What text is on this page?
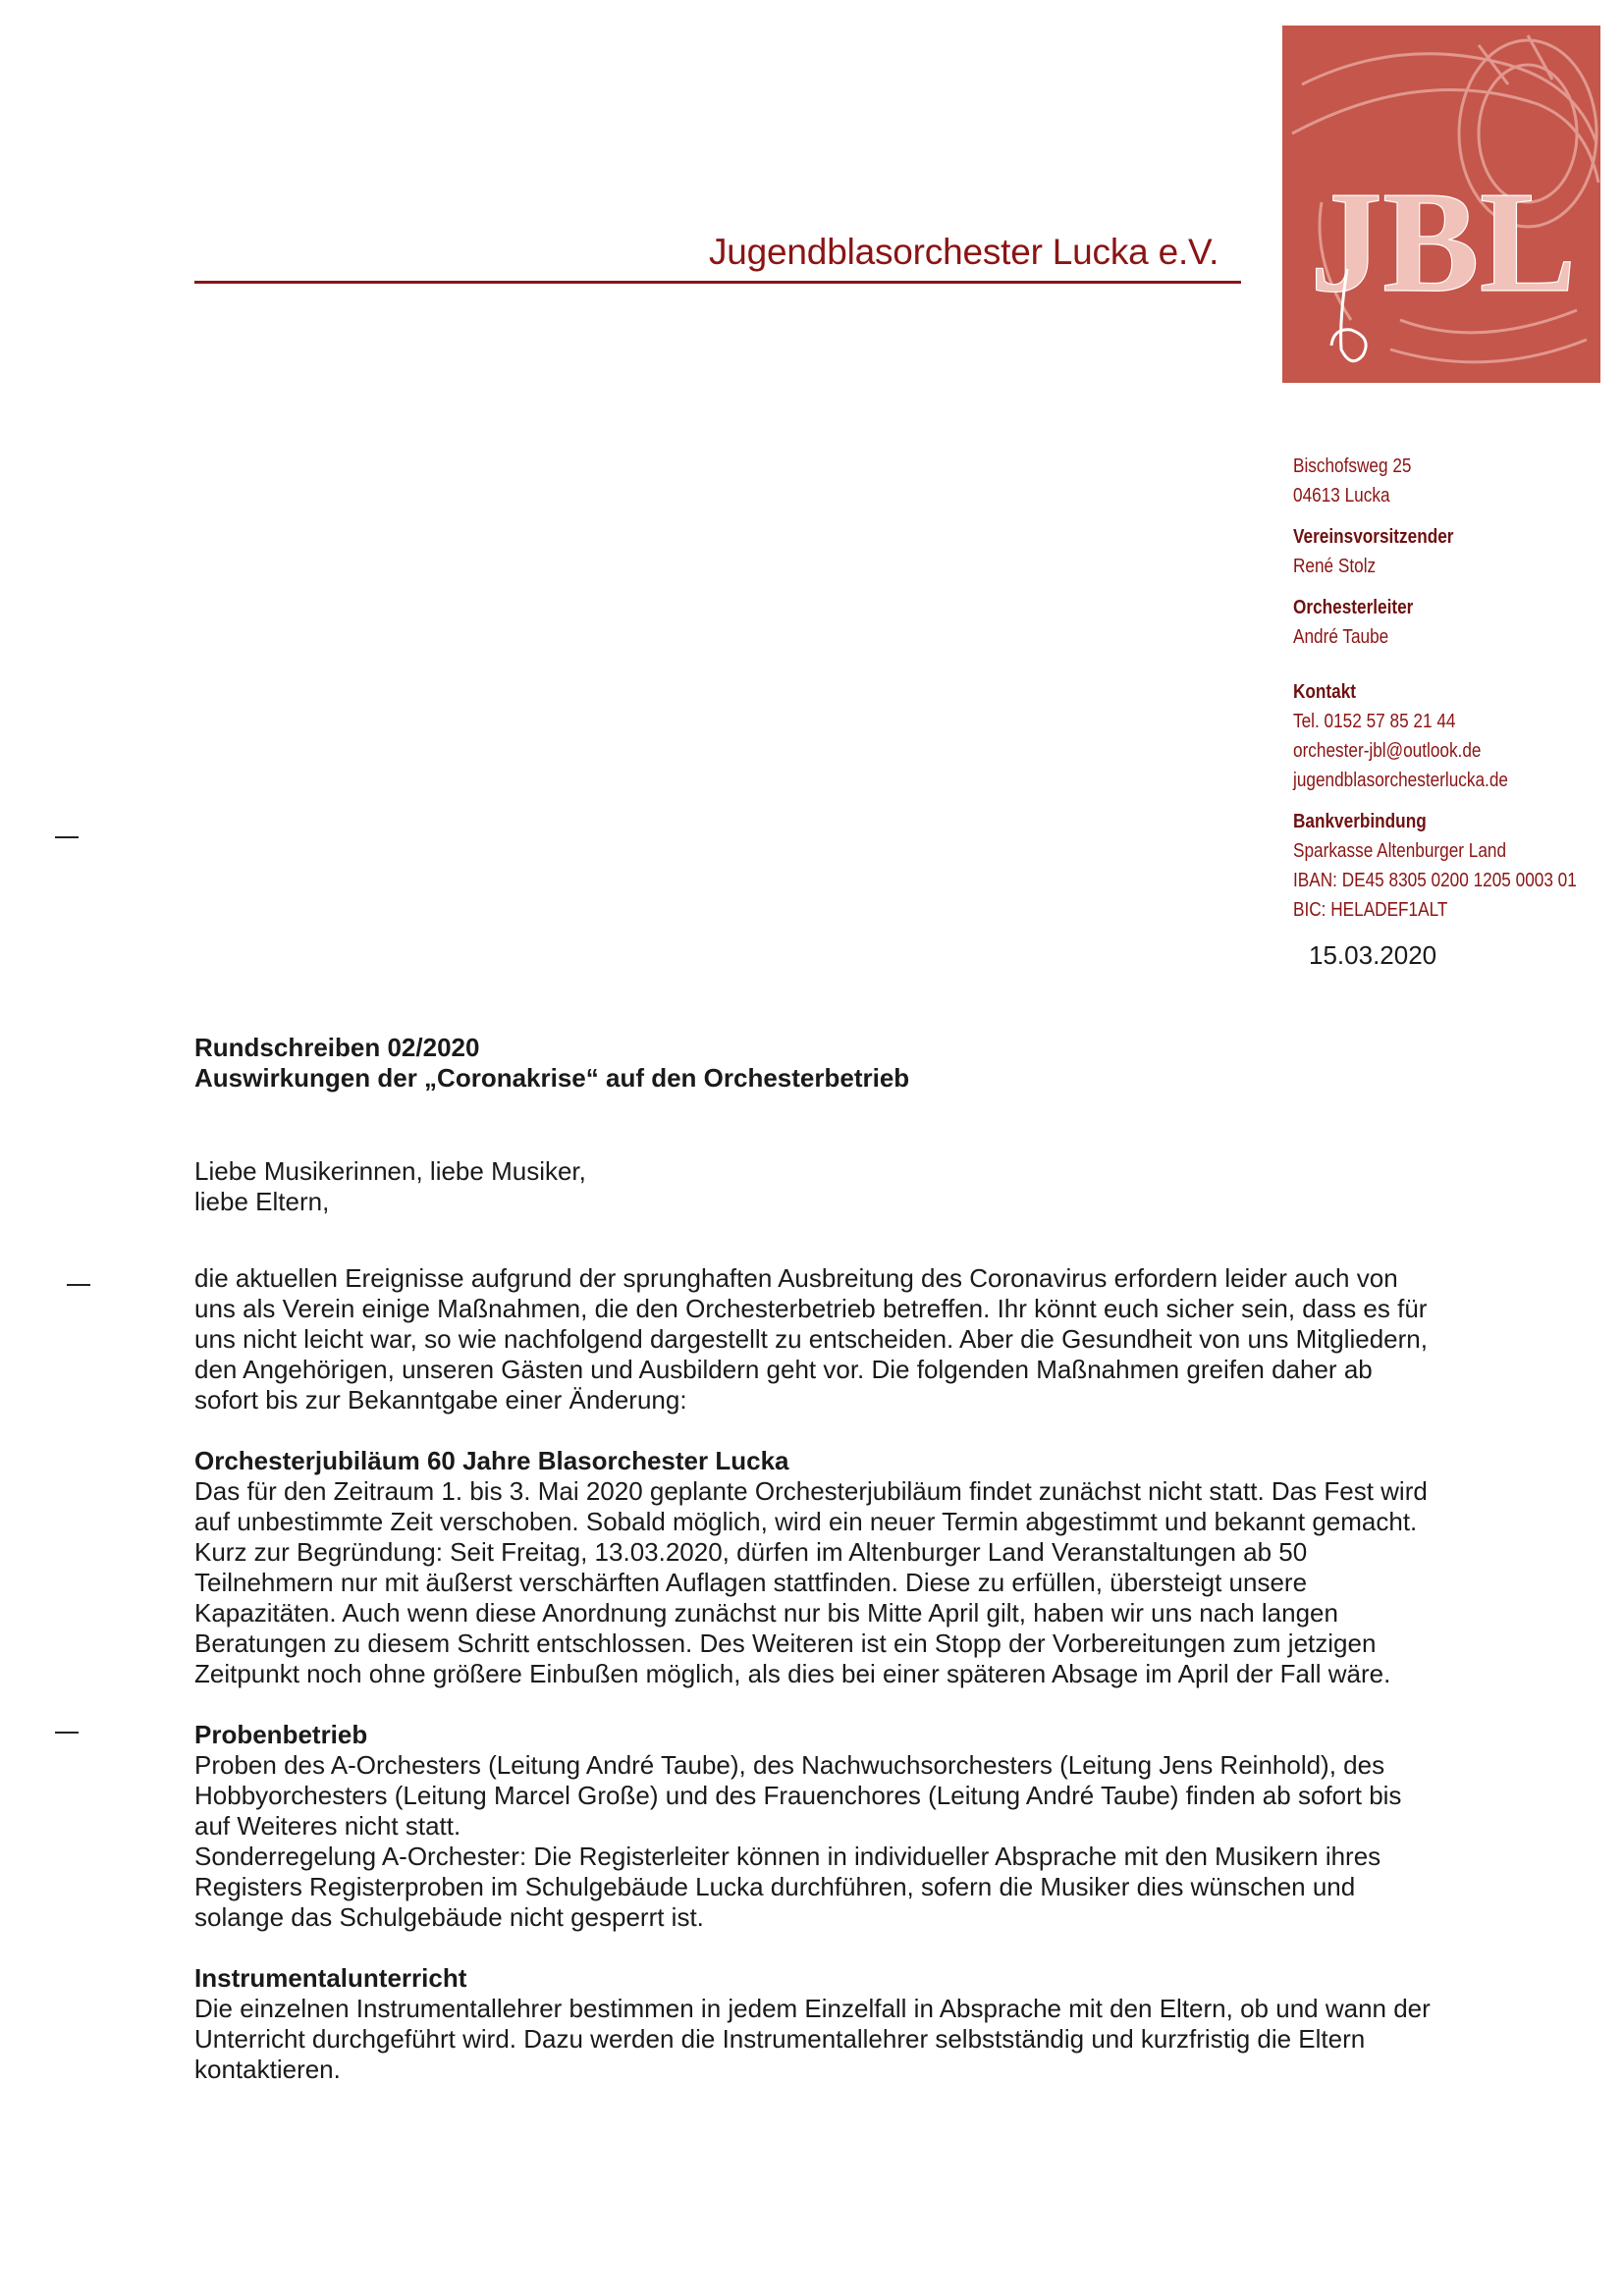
Jugendblasorchester Lucka e.V. JBL
Bischofsweg 25
04613 Lucka
Vereinsvorsitzender
René Stolz
Orchesterleiter
André Taube
Kontakt
Tel. 0152 57 85 21 44
orchester-jbl@outlook.de
jugendblasorchesterlucka.de
Bankverbindung
Sparkasse Altenburger Land
IBAN: DE45 8305 0200 1205 0003 01
BIC: HELADEF1ALT
15.03.2020
Rundschreiben 02/2020
Auswirkungen der „Coronakrise“ auf den Orchesterbetrieb

Liebe Musikerinnen, liebe Musiker,

liebe Eltern,

die aktuellen Ereignisse aufgrund der sprunghaften Ausbreitung des Coronavirus erfordern leider auch von uns als Verein einige Maßnahmen, die den Orchesterbetrieb betreffen. Ihr könnt euch sicher sein, dass es für uns nicht leicht war, so wie nachfolgend dargestellt zu entscheiden. Aber die Gesundheit von uns Mitgliedern, den Angehörigen, unseren Gästen und Ausbildern geht vor. Die folgenden Maßnahmen greifen daher ab sofort bis zur Bekanntgabe einer Änderung:

Orchesterjubiläum 60 Jahre Blasorchester Lucka

Das für den Zeitraum 1. bis 3. Mai 2020 geplante Orchesterjubiläum findet zunächst nicht statt. Das Fest wird auf unbestimmte Zeit verschoben. Sobald möglich, wird ein neuer Termin abgestimmt und bekannt gemacht.

Kurz zur Begründung: Seit Freitag, 13.03.2020, dürfen im Altenburger Land Veranstaltungen ab 50 Teilnehmern nur mit äußerst verschärften Auflagen stattfinden. Diese zu erfüllen, übersteigt unsere Kapazitäten. Auch wenn diese Anordnung zunächst nur bis Mitte April gilt, haben wir uns nach langen Beratungen zu diesem Schritt entschlossen. Des Weiteren ist ein Stopp der Vorbereitungen zum jetzigen Zeitpunkt noch ohne größere Einbußen möglich, als dies bei einer späteren Absage im April der Fall wäre.

Probenbetrieb

Proben des A-Orchesters (Leitung André Taube), des Nachwuchsorchesters (Leitung Jens Reinhold), des Hobbyorchesters (Leitung Marcel Große) und des Frauenchores (Leitung André Taube) finden ab sofort bis auf Weiteres nicht statt.

Sonderregelung A-Orchester: Die Registerleiter können in individueller Absprache mit den Musikern ihres Registers Registerproben im Schulgebäude Lucka durchführen, sofern die Musiker dies wünschen und solange das Schulgebäude nicht gesperrt ist.

Instrumentalunterricht

Die einzelnen Instrumentallehrer bestimmen in jedem Einzelfall in Absprache mit den Eltern, ob und wann der Unterricht durchgeführt wird. Dazu werden die Instrumentallehrer selbstständig und kurzfristig die Eltern kontaktieren.
